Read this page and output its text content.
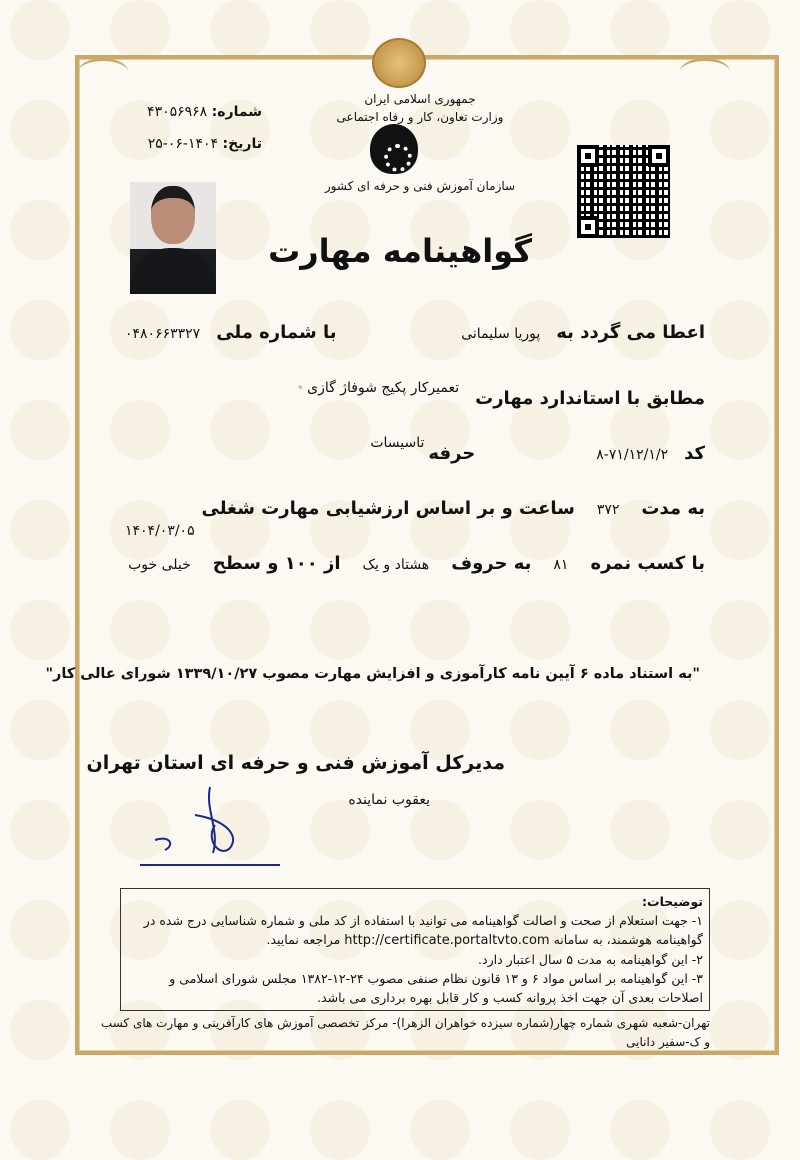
جمهوری اسلامی ایران
وزارت تعاون، کار و رفاه اجتماعی
سازمان آموزش فنی و حرفه ای کشور
شماره: ۴۳۰۵۶۹۶۸
تاریخ: ۱۴۰۴-۰۶-۲۵
گواهینامه مهارت
اعطا می گردد به
پوریا سلیمانی
با شماره ملی
۰۴۸۰۶۶۳۳۲۷
مطابق با استاندارد مهارت
تعمیرکار پکیج شوفاژ گازی *
کد
۸-۷۱/۱۲/۱/۲
حرفه
تاسیسات
به مدت
۳۷۲
ساعت و بر اساس ارزشیابی مهارت شغلی
۱۴۰۴/۰۳/۰۵
با کسب نمره
۸۱
به حروف
هشتاد و یک
از ۱۰۰ و سطح
خیلی خوب
"به استناد ماده ۶ آیین نامه کارآموزی و افزایش مهارت مصوب ۱۳۳۹/۱۰/۲۷ شورای عالی کار"
مدیرکل آموزش فنی و حرفه ای استان تهران
یعقوب نماینده
توضیحات:
۱- جهت استعلام از صحت و اصالت گواهینامه می توانید با استفاده از کد ملی و شماره شناسایی درج شده در گواهینامه هوشمند، به سامانه http://certificate.portaltvto.com مراجعه نمایید.
۲- این گواهینامه به مدت ۵ سال اعتبار دارد.
۳- این گواهینامه بر اساس مواد ۶ و ۱۳ قانون نظام صنفی مصوب ۲۴-۱۲-۱۳۸۲ مجلس شورای اسلامی و اصلاحات بعدی آن جهت اخذ پروانه کسب و کار قابل بهره برداری می باشد.
تهران-شعبه شهری شماره چهار(شماره سیزده خواهران الزهرا)- مرکز تخصصی آموزش های کارآفرینی و مهارت های کسب
و ک-سفیر دانایی
